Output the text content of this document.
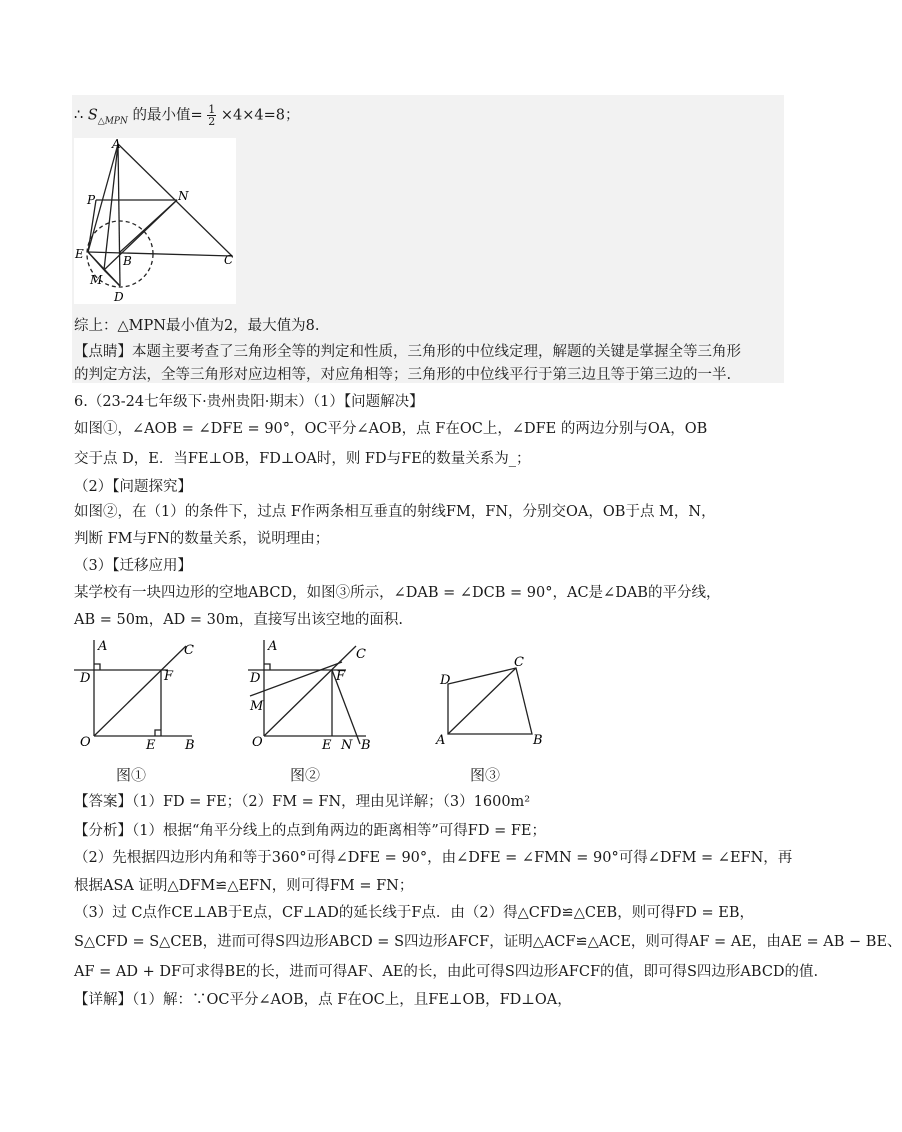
∴ $S_{\triangle MPN}$ 的最小值= $\frac{1}{2} \times 4\times 4=8$；
A
P	N
E	B	C
M
D
综上：△MPN最小值为2，最大值为8.
【点睛】本题主要考查了三角形全等的判定和性质，三角形的中位线定理，解题的关键是掌握全等三角形
的判定方法，全等三角形对应边相等，对应角相等；三角形的中位线平行于第三边且等于第三边的一半.
6.（23-24七年级下·贵州贵阳·期末）（1）【问题解决】
如图①，∠AOB = ∠DFE = 90°，OC平分∠AOB，点 F在OC上，∠DFE 的两边分别与OA，OB
交于点 D，E．当FE⊥OB，FD⊥OA时，则 FD与FE的数量关系为_；
（2）【问题探究】
如图②，在（1）的条件下，过点 F作两条相互垂直的射线FM，FN，分别交OA，OB于点 M，N，
判断 FM与FN的数量关系，说明理由；
（3）【迁移应用】
某学校有一块四边形的空地ABCD，如图③所示，∠DAB = ∠DCB = 90°，AC是∠DAB的平分线，
AB = 50m，AD = 30m，直接写出该空地的面积.
A	C
D	F
O	E B
A
C
D	F
M
O	E N B
D
C
A	B
图①	图②	图③
【答案】（1）FD = FE；（2）FM = FN，理由见详解；（3）1600m²
【分析】（1）根据“角平分线上的点到角两边的距离相等”可得FD = FE；
（2）先根据四边形内角和等于360°可得∠DFE = 90°，由∠DFE = ∠FMN = 90°可得∠DFM = ∠EFN，再
根据ASA 证明△DFM≌△EFN，则可得FM = FN；
（3）过 C点作CE⊥AB于E点，CF⊥AD的延长线于F点．由（2）得△CFD≌△CEB，则可得FD = EB，
S△CFD = S△CEB，进而可得S四边形ABCD = S四边形AFCF，证明△ACF≌△ACE，则可得AF = AE，由AE = AB − BE、
AF = AD + DF可求得BE的长，进而可得AF、AE的长，由此可得S四边形AFCF的值，即可得S四边形ABCD的值.
【详解】（1）解：∵OC平分∠AOB，点 F在OC上，且FE⊥OB，FD⊥OA，
